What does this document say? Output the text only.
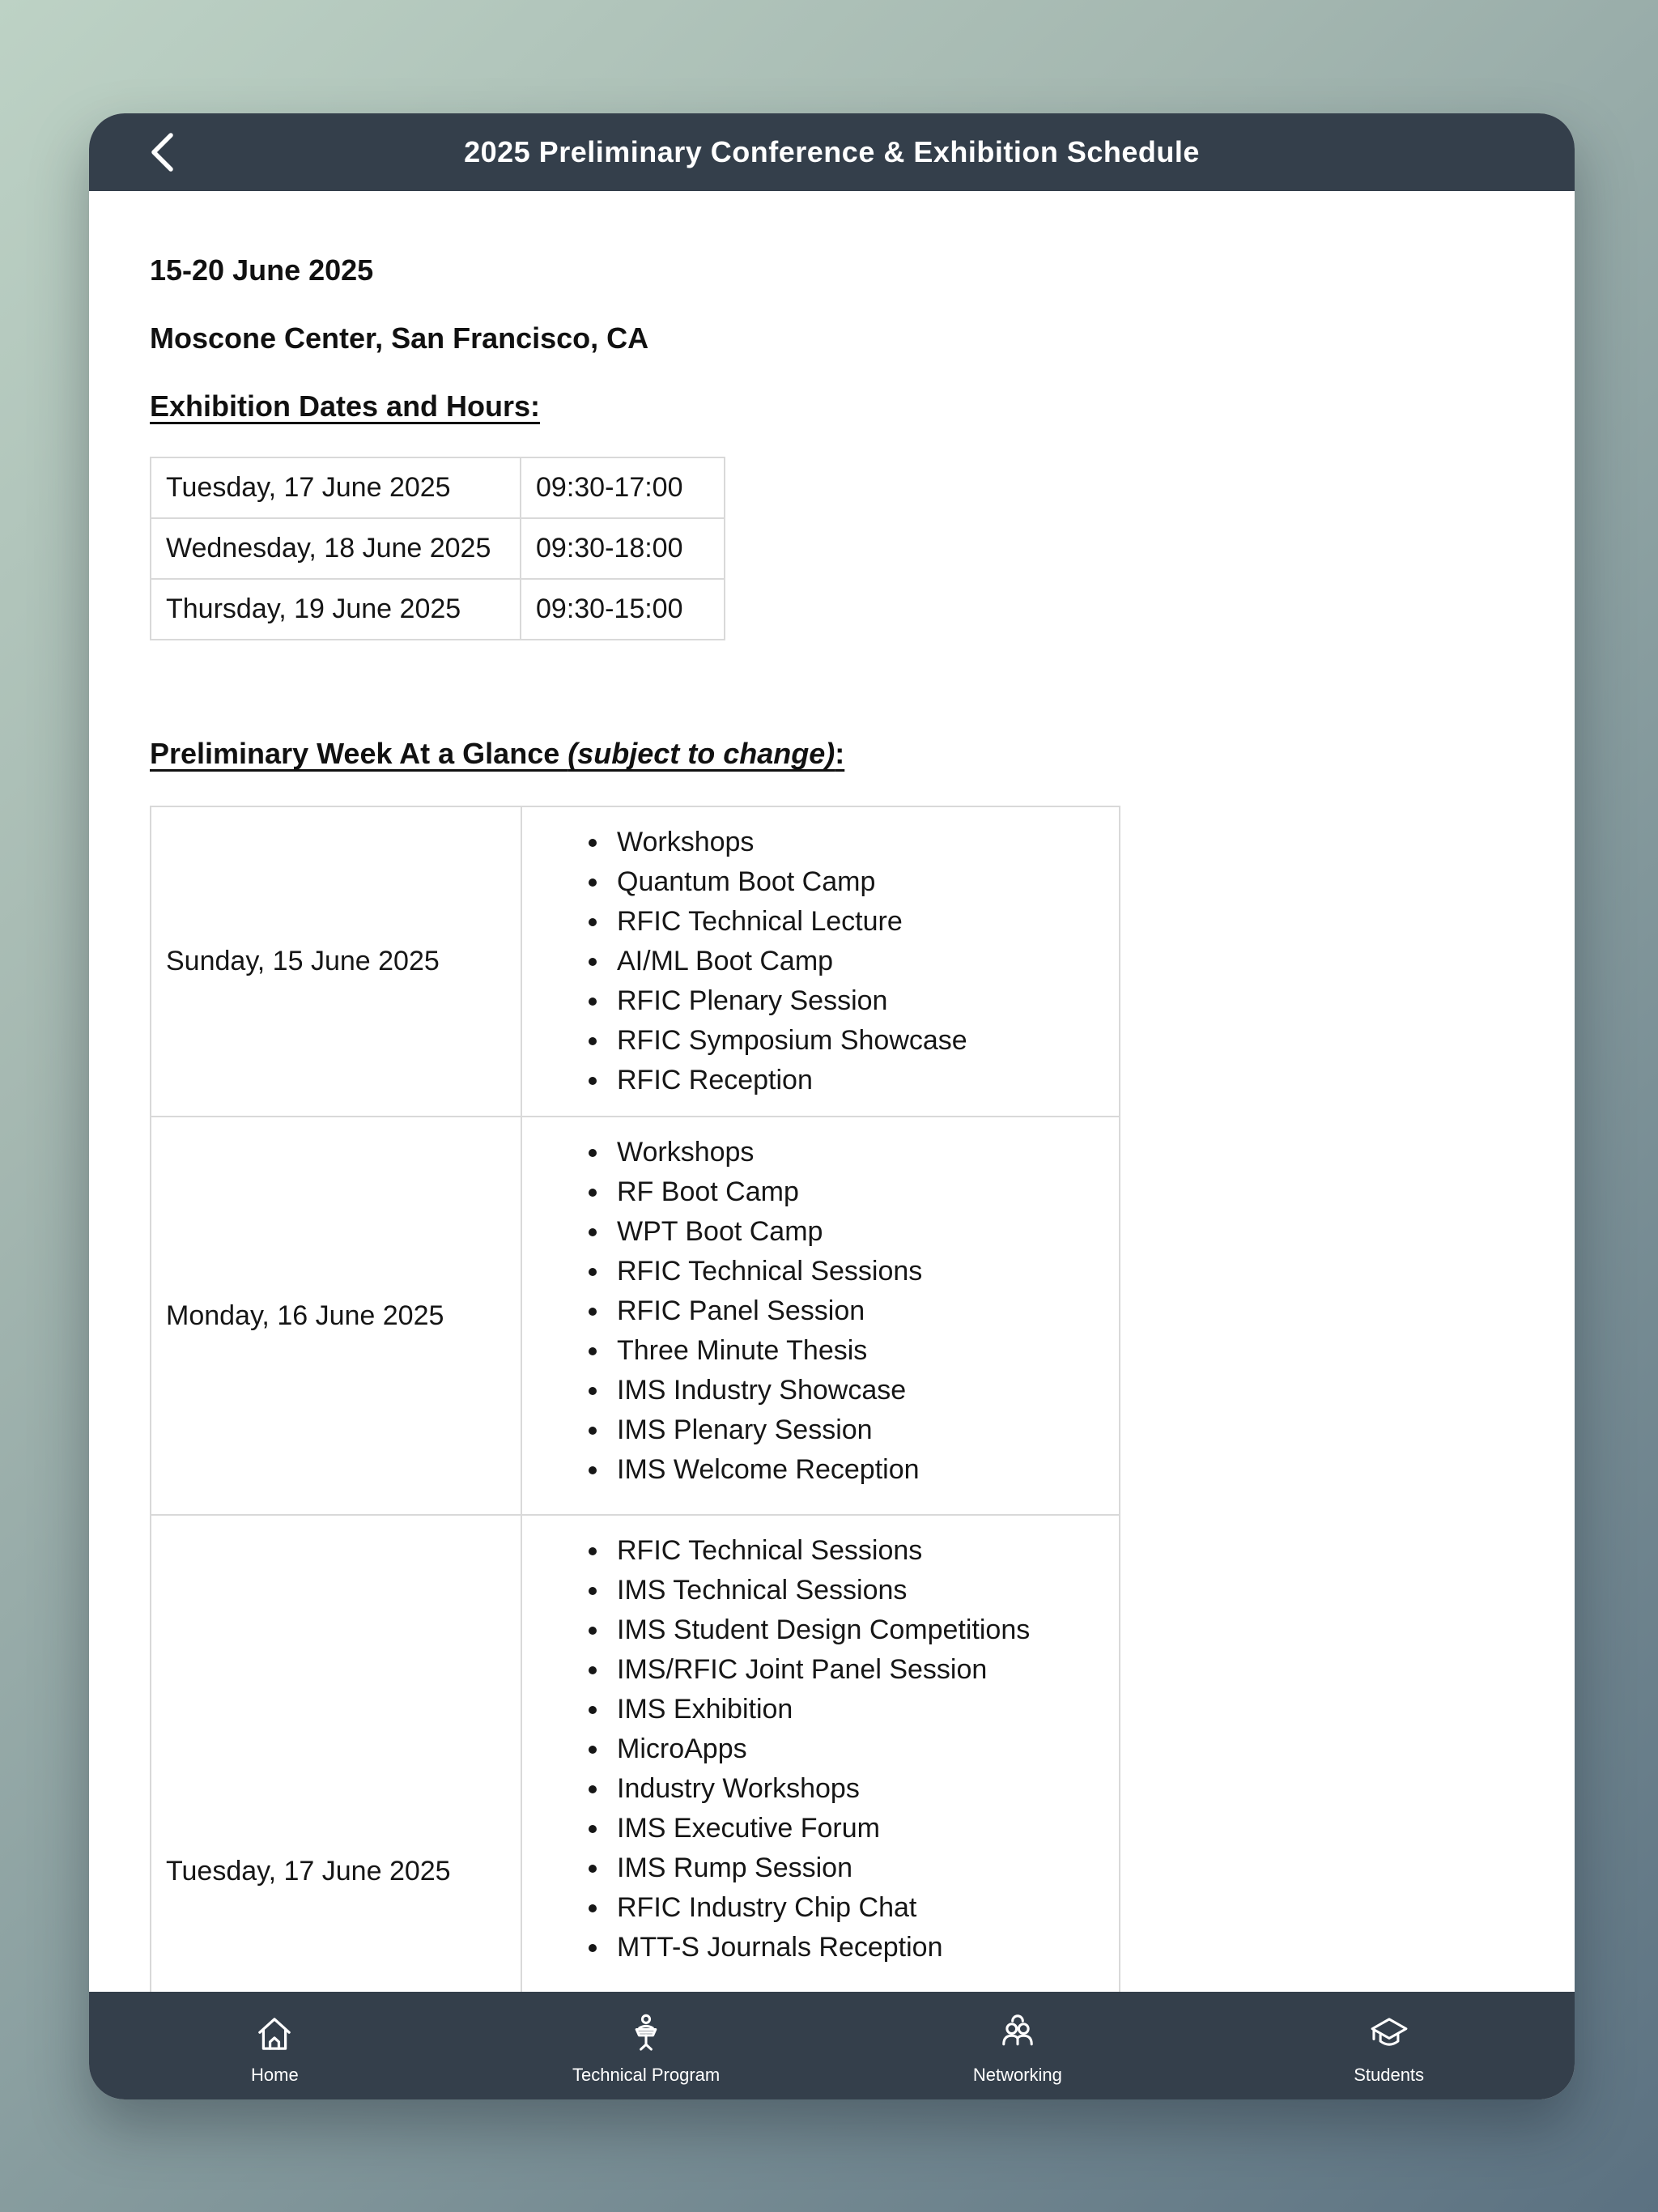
2025 Preliminary Conference & Exhibition Schedule

15-20 June 2025

Moscone Center, San Francisco, CA

Exhibition Dates and Hours:

Tuesday, 17 June 2025	09:30-17:00
Wednesday, 18 June 2025	09:30-18:00
Thursday, 19 June 2025	09:30-15:00

Preliminary Week At a Glance (subject to change):

Sunday, 15 June 2025	
• Workshops
• Quantum Boot Camp
• RFIC Technical Lecture
• AI/ML Boot Camp
• RFIC Plenary Session
• RFIC Symposium Showcase
• RFIC Reception

Monday, 16 June 2025	
• Workshops
• RF Boot Camp
• WPT Boot Camp
• RFIC Technical Sessions
• RFIC Panel Session
• Three Minute Thesis
• IMS Industry Showcase
• IMS Plenary Session
• IMS Welcome Reception

Tuesday, 17 June 2025	
• RFIC Technical Sessions
• IMS Technical Sessions
• IMS Student Design Competitions
• IMS/RFIC Joint Panel Session
• IMS Exhibition
• MicroApps
• Industry Workshops
• IMS Executive Forum
• IMS Rump Session
• RFIC Industry Chip Chat
• MTT-S Journals Reception
Home	Technical Program	Networking	Students
